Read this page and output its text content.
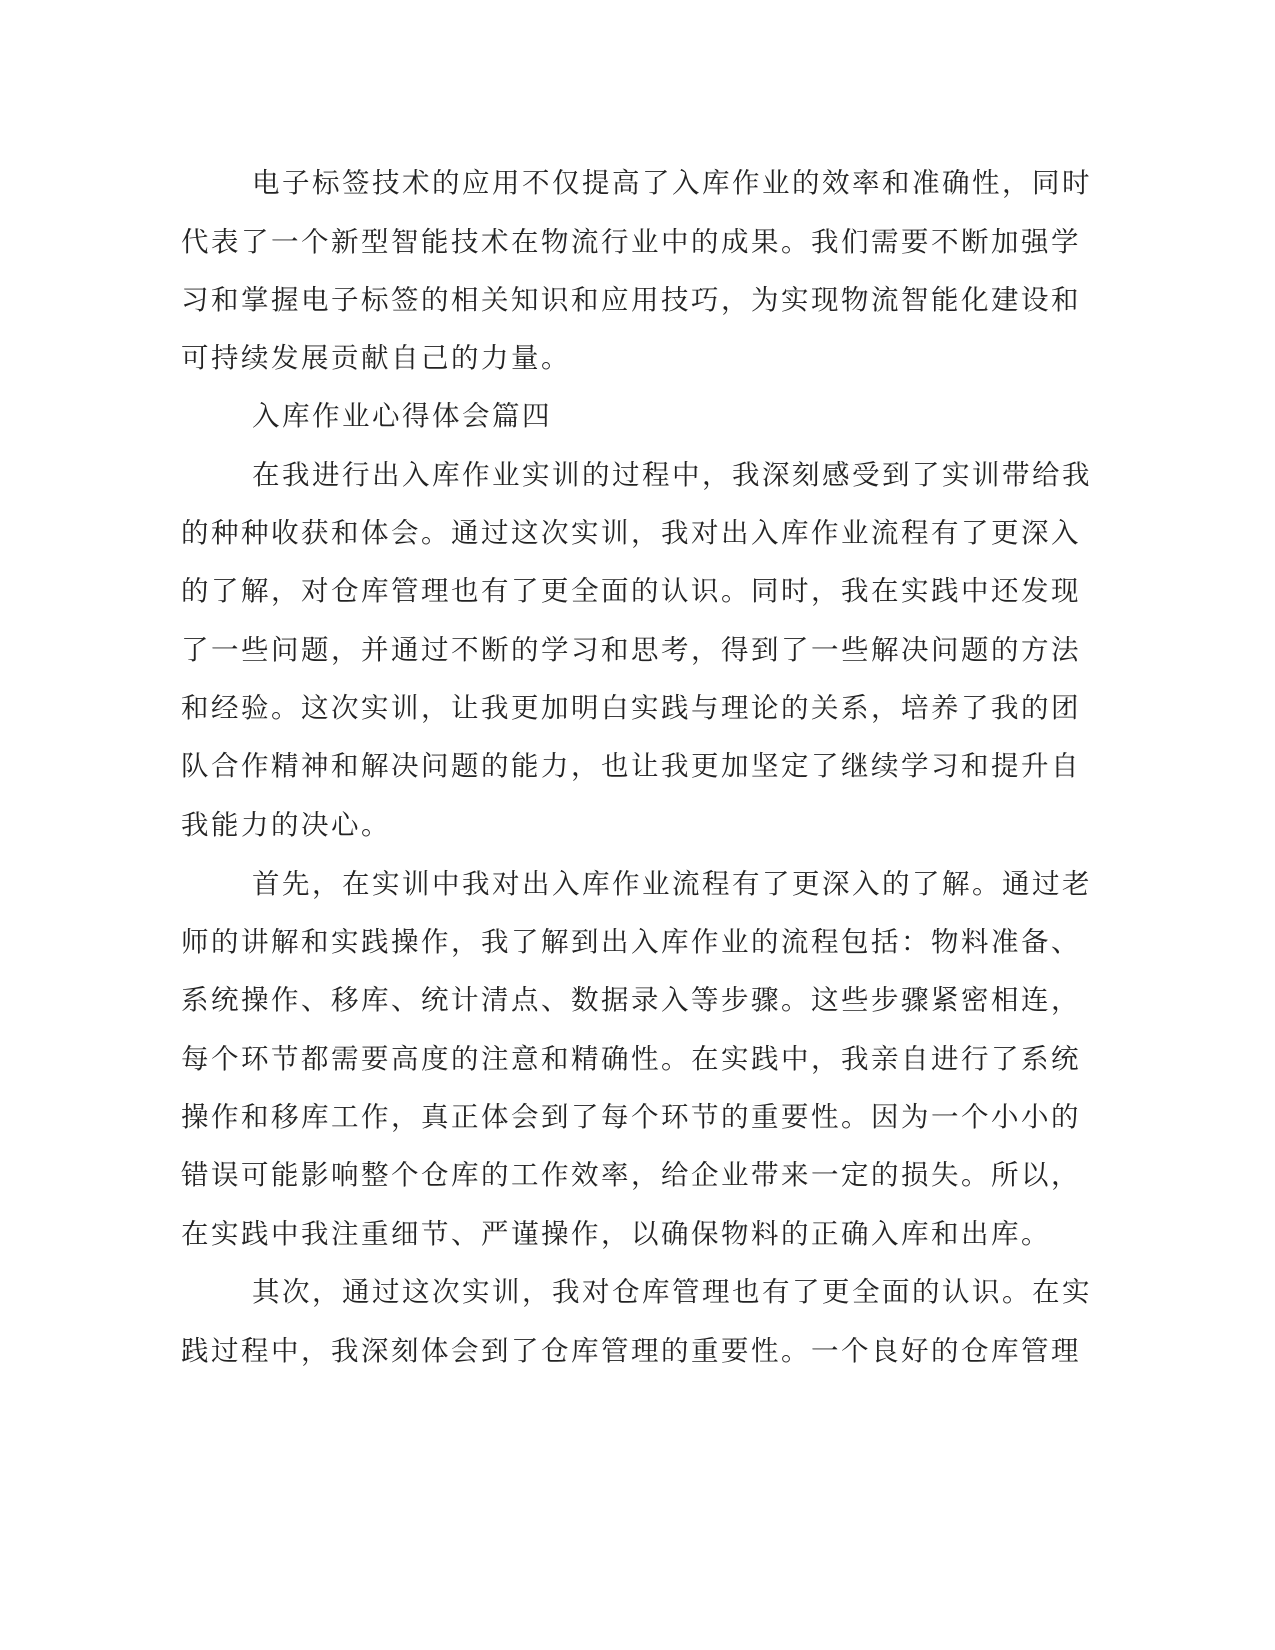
电子标签技术的应用不仅提高了入库作业的效率和准确性，同时
代表了一个新型智能技术在物流行业中的成果。我们需要不断加强学
习和掌握电子标签的相关知识和应用技巧，为实现物流智能化建设和
可持续发展贡献自己的力量。
入库作业心得体会篇四
在我进行出入库作业实训的过程中，我深刻感受到了实训带给我
的种种收获和体会。通过这次实训，我对出入库作业流程有了更深入
的了解，对仓库管理也有了更全面的认识。同时，我在实践中还发现
了一些问题，并通过不断的学习和思考，得到了一些解决问题的方法
和经验。这次实训，让我更加明白实践与理论的关系，培养了我的团
队合作精神和解决问题的能力，也让我更加坚定了继续学习和提升自
我能力的决心。
首先，在实训中我对出入库作业流程有了更深入的了解。通过老
师的讲解和实践操作，我了解到出入库作业的流程包括：物料准备、
系统操作、移库、统计清点、数据录入等步骤。这些步骤紧密相连，
每个环节都需要高度的注意和精确性。在实践中，我亲自进行了系统
操作和移库工作，真正体会到了每个环节的重要性。因为一个小小的
错误可能影响整个仓库的工作效率，给企业带来一定的损失。所以，
在实践中我注重细节、严谨操作，以确保物料的正确入库和出库。
其次，通过这次实训，我对仓库管理也有了更全面的认识。在实
践过程中，我深刻体会到了仓库管理的重要性。一个良好的仓库管理
